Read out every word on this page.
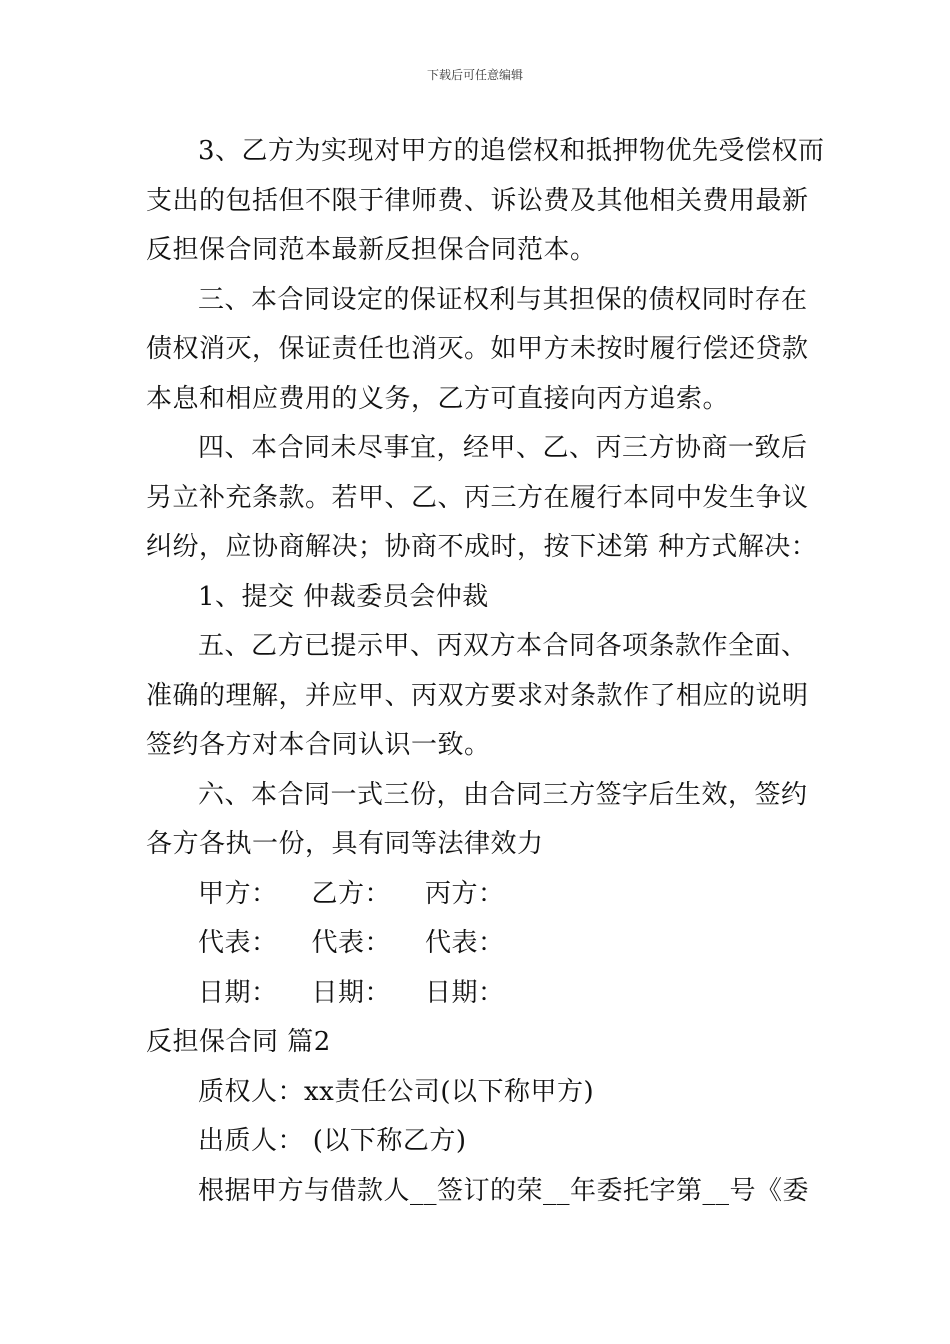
下载后可任意编辑
3、乙方为实现对甲方的追偿权和抵押物优先受偿权而
支出的包括但不限于律师费、诉讼费及其他相关费用最新
反担保合同范本最新反担保合同范本。
三、本合同设定的保证权利与其担保的债权同时存在
债权消灭，保证责任也消灭。如甲方未按时履行偿还贷款
本息和相应费用的义务，乙方可直接向丙方追索。
四、本合同未尽事宜，经甲、乙、丙三方协商一致后
另立补充条款。若甲、乙、丙三方在履行本同中发生争议
纠纷，应协商解决；协商不成时，按下述第 种方式解决：
1、提交 仲裁委员会仲裁
五、乙方已提示甲、丙双方本合同各项条款作全面、
准确的理解，并应甲、丙双方要求对条款作了相应的说明
签约各方对本合同认识一致。
六、本合同一式三份，由合同三方签字后生效，签约
各方各执一份，具有同等法律效力
甲方： 乙方： 丙方：
代表： 代表： 代表：
日期： 日期： 日期：
反担保合同 篇2
质权人：xx责任公司(以下称甲方)
出质人： (以下称乙方)
根据甲方与借款人__签订的荣__年委托字第__号《委
